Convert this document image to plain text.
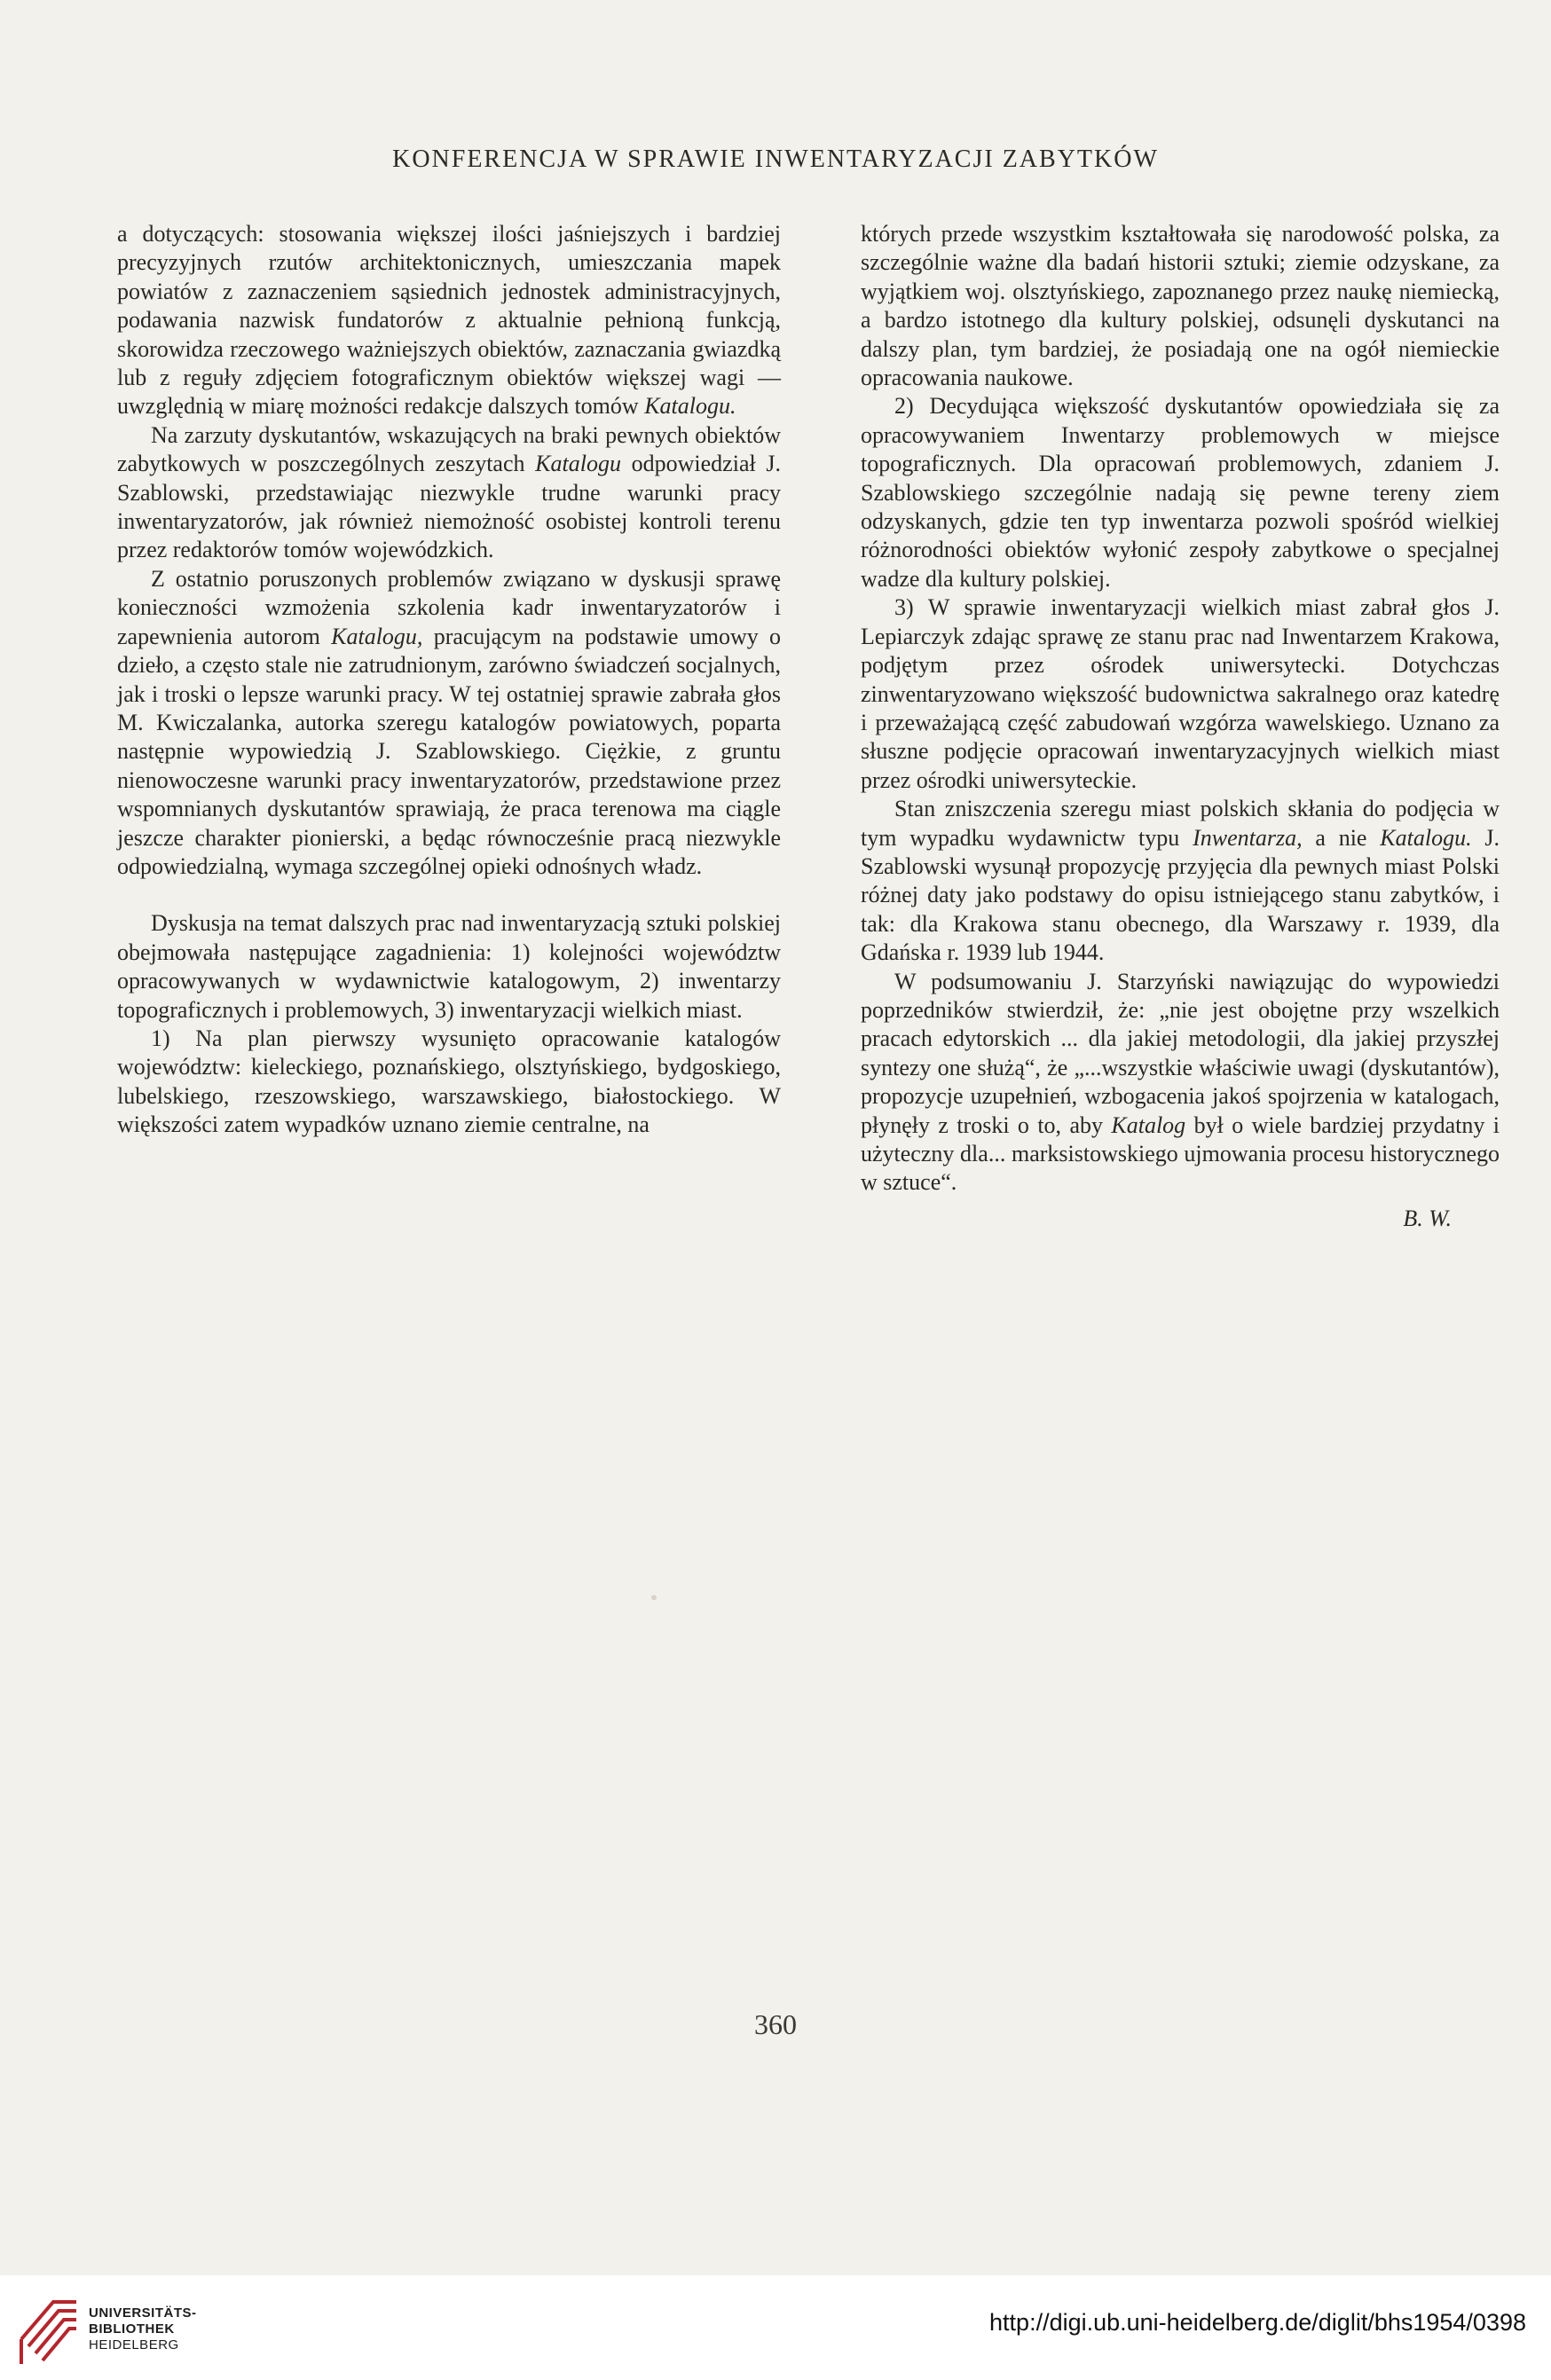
KONFERENCJA W SPRAWIE INWENTARYZACJI ZABYTKÓW

a dotyczących: stosowania większej ilości jaśniejszych i bardziej precyzyjnych rzutów architektonicznych, umieszczania mapek powiatów z zaznaczeniem sąsiednich jednostek administracyjnych, podawania nazwisk fundatorów z aktualnie pełnioną funkcją, skorowidza rzeczowego ważniejszych obiektów, zaznaczania gwiazdką lub z reguły zdjęciem fotograficznym obiektów większej wagi — uwzględnią w miarę możności redakcje dalszych tomów Katalogu.

Na zarzuty dyskutantów, wskazujących na braki pewnych obiektów zabytkowych w poszczególnych zeszytach Katalogu odpowiedział J. Szablowski, przedstawiając niezwykle trudne warunki pracy inwentaryzatorów, jak również niemożność osobistej kontroli terenu przez redaktorów tomów wojewódzkich.

Z ostatnio poruszonych problemów związano w dyskusji sprawę konieczności wzmożenia szkolenia kadr inwentaryzatorów i zapewnienia autorom Katalogu, pracującym na podstawie umowy o dzieło, a często stale nie zatrudnionym, zarówno świadczeń socjalnych, jak i troski o lepsze warunki pracy. W tej ostatniej sprawie zabrała głos M. Kwiczalanka, autorka szeregu katalogów powiatowych, poparta następnie wypowiedzią J. Szablowskiego. Ciężkie, z gruntu nienowoczesne warunki pracy inwentaryzatorów, przedstawione przez wspomnianych dyskutantów sprawiają, że praca terenowa ma ciągle jeszcze charakter pionierski, a będąc równocześnie pracą niezwykle odpowiedzialną, wymaga szczególnej opieki odnośnych władz.

Dyskusja na temat dalszych prac nad inwentaryzacją sztuki polskiej obejmowała następujące zagadnienia: 1) kolejności województw opracowywanych w wydawnictwie katalogowym, 2) inwentarzy topograficznych i problemowych, 3) inwentaryzacji wielkich miast.

1) Na plan pierwszy wysunięto opracowanie katalogów województw: kieleckiego, poznańskiego, olsztyńskiego, bydgoskiego, lubelskiego, rzeszowskiego, warszawskiego, białostockiego. W większości zatem wypadków uznano ziemie centralne, na

których przede wszystkim kształtowała się narodowość polska, za szczególnie ważne dla badań historii sztuki; ziemie odzyskane, za wyjątkiem woj. olsztyńskiego, zapoznanego przez naukę niemiecką, a bardzo istotnego dla kultury polskiej, odsunęli dyskutanci na dalszy plan, tym bardziej, że posiadają one na ogół niemieckie opracowania naukowe.

2) Decydująca większość dyskutantów opowiedziała się za opracowywaniem Inwentarzy problemowych w miejsce topograficznych. Dla opracowań problemowych, zdaniem J. Szablowskiego szczególnie nadają się pewne tereny ziem odzyskanych, gdzie ten typ inwentarza pozwoli spośród wielkiej różnorodności obiektów wyłonić zespoły zabytkowe o specjalnej wadze dla kultury polskiej.

3) W sprawie inwentaryzacji wielkich miast zabrał głos J. Lepiarczyk zdając sprawę ze stanu prac nad Inwentarzem Krakowa, podjętym przez ośrodek uniwersytecki. Dotychczas zinwentaryzowano większość budownictwa sakralnego oraz katedrę i przeważającą część zabudowań wzgórza wawelskiego. Uznano za słuszne podjęcie opracowań inwentaryzacyjnych wielkich miast przez ośrodki uniwersyteckie.

Stan zniszczenia szeregu miast polskich skłania do podjęcia w tym wypadku wydawnictw typu Inwentarza, a nie Katalogu. J. Szablowski wysunął propozycję przyjęcia dla pewnych miast Polski różnej daty jako podstawy do opisu istniejącego stanu zabytków, i tak: dla Krakowa stanu obecnego, dla Warszawy r. 1939, dla Gdańska r. 1939 lub 1944.

W podsumowaniu J. Starzyński nawiązując do wypowiedzi poprzedników stwierdził, że: „nie jest obojętne przy wszelkich pracach edytorskich ... dla jakiej metodologii, dla jakiej przyszłej syntezy one służą“, że „...wszystkie właściwie uwagi (dyskutantów), propozycje uzupełnień, wzbogacenia jakoś spojrzenia w katalogach, płynęły z troski o to, aby Katalog był o wiele bardziej przydatny i użyteczny dla... marksistowskiego ujmowania procesu historycznego w sztuce“.

B. W.

360
UNIVERSITÄTS-
BIBLIOTHEK
HEIDELBERG
http://digi.ub.uni-heidelberg.de/diglit/bhs1954/0398
